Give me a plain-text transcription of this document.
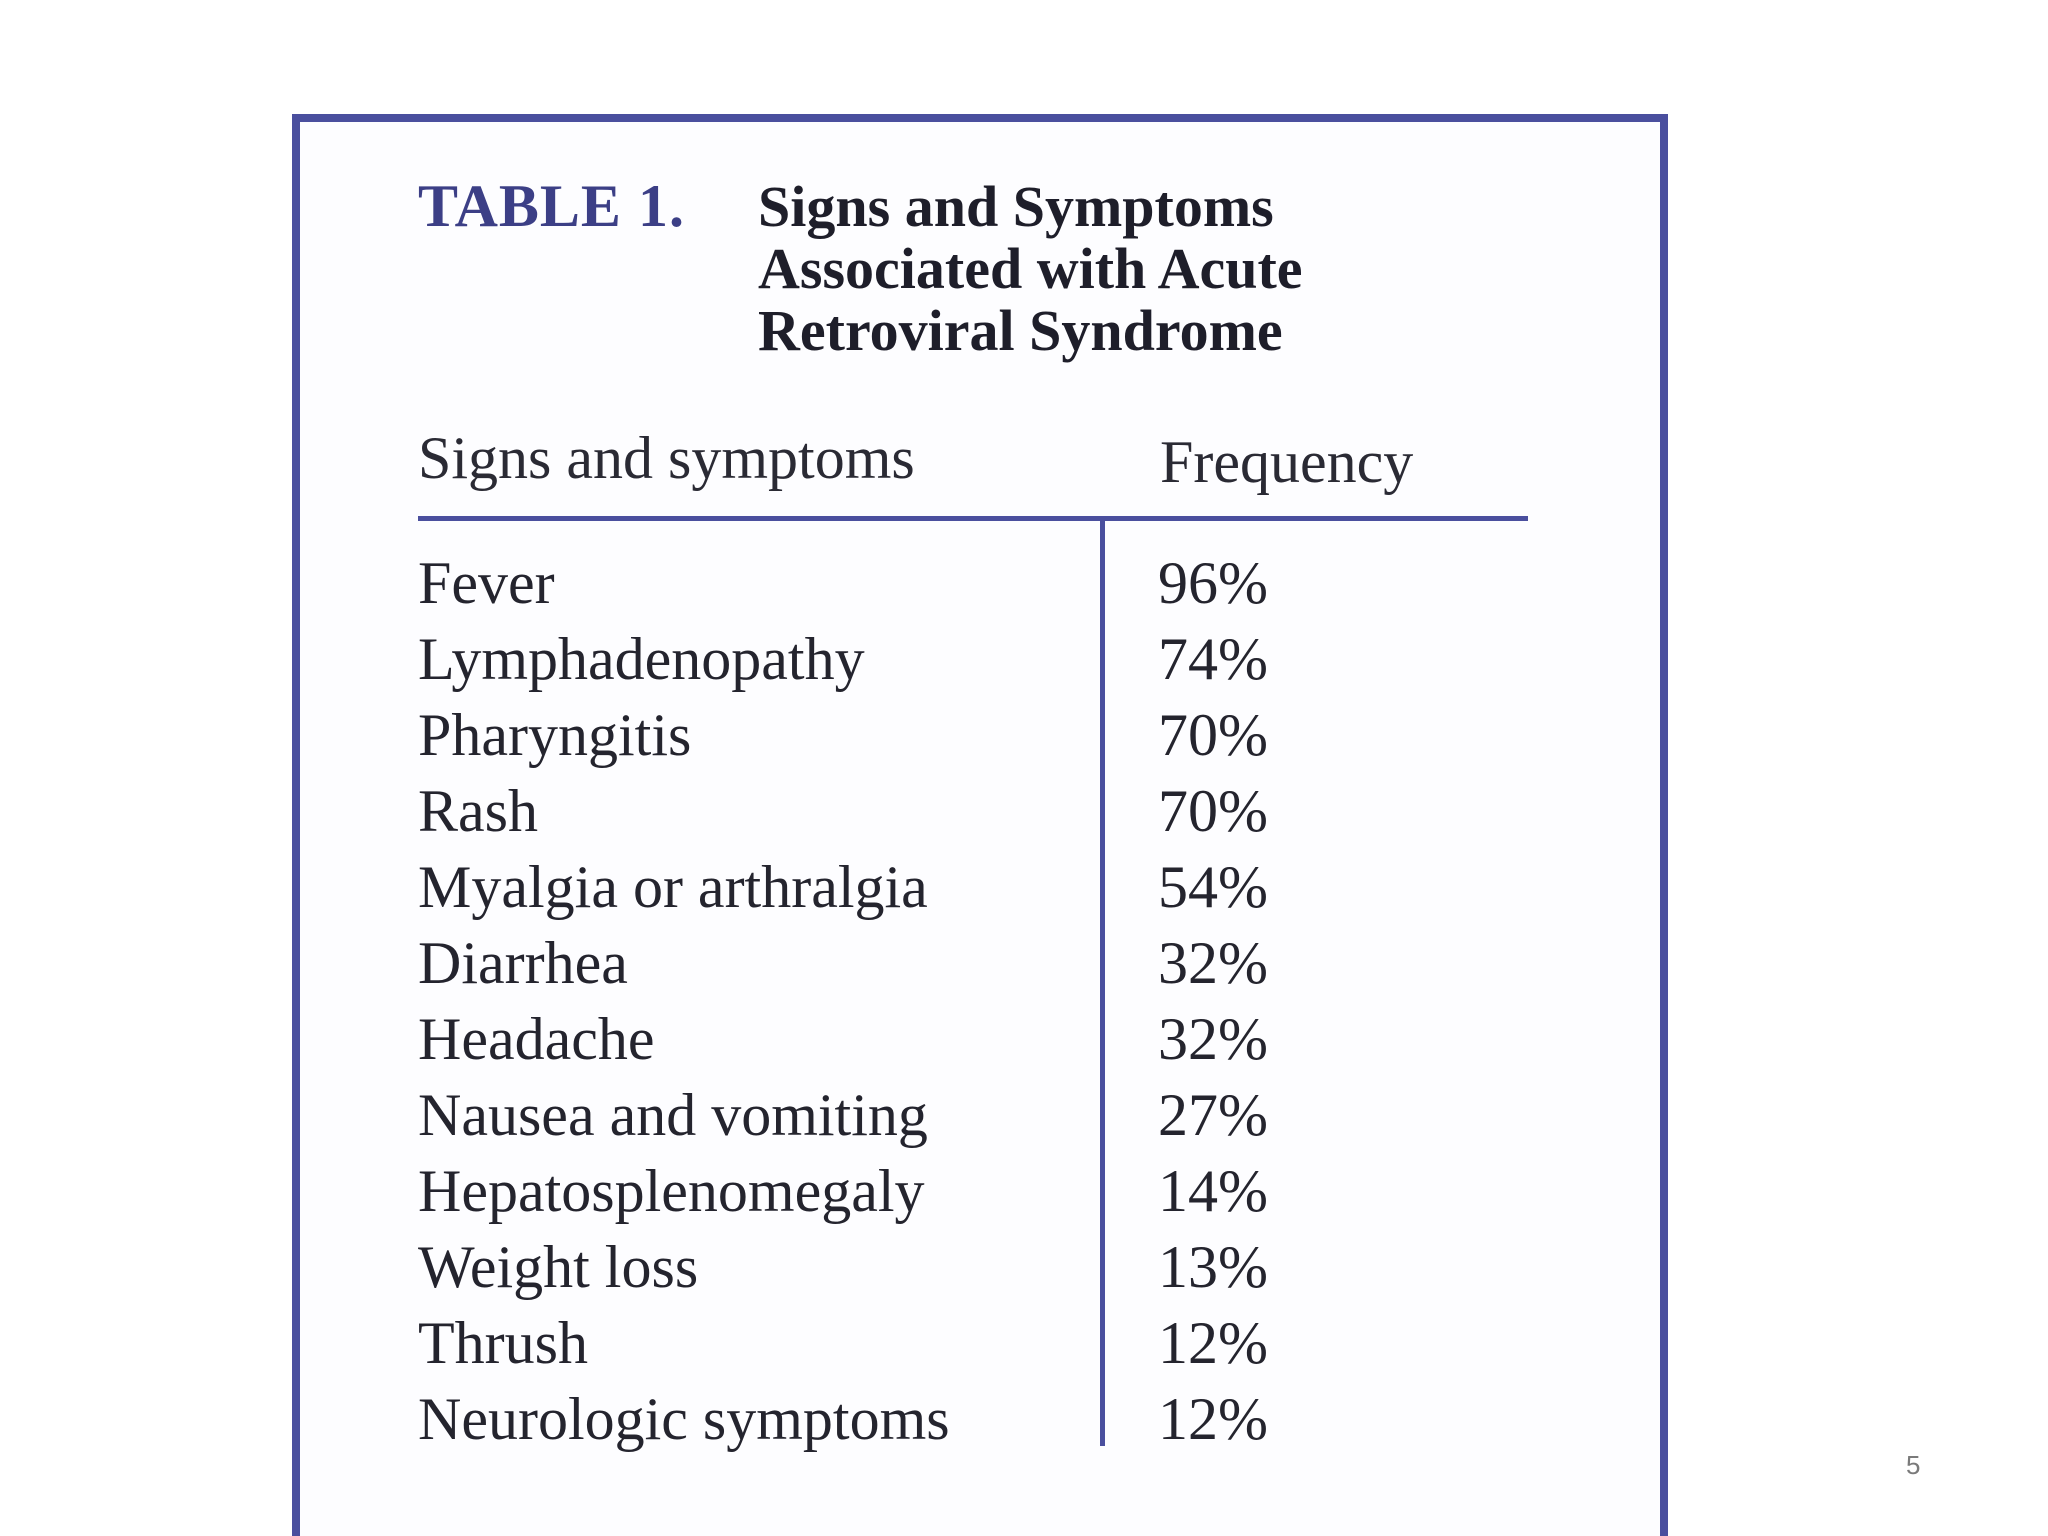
TABLE 1.	Signs and Symptoms
Associated with Acute
Retroviral Syndrome
Signs and symptoms	Frequency
Fever	96%
Lymphadenopathy	74%
Pharyngitis	70%
Rash	70%
Myalgia or arthralgia	54%
Diarrhea	32%
Headache	32%
Nausea and vomiting	27%
Hepatosplenomegaly	14%
Weight loss	13%
Thrush	12%
Neurologic symptoms	12%
5
